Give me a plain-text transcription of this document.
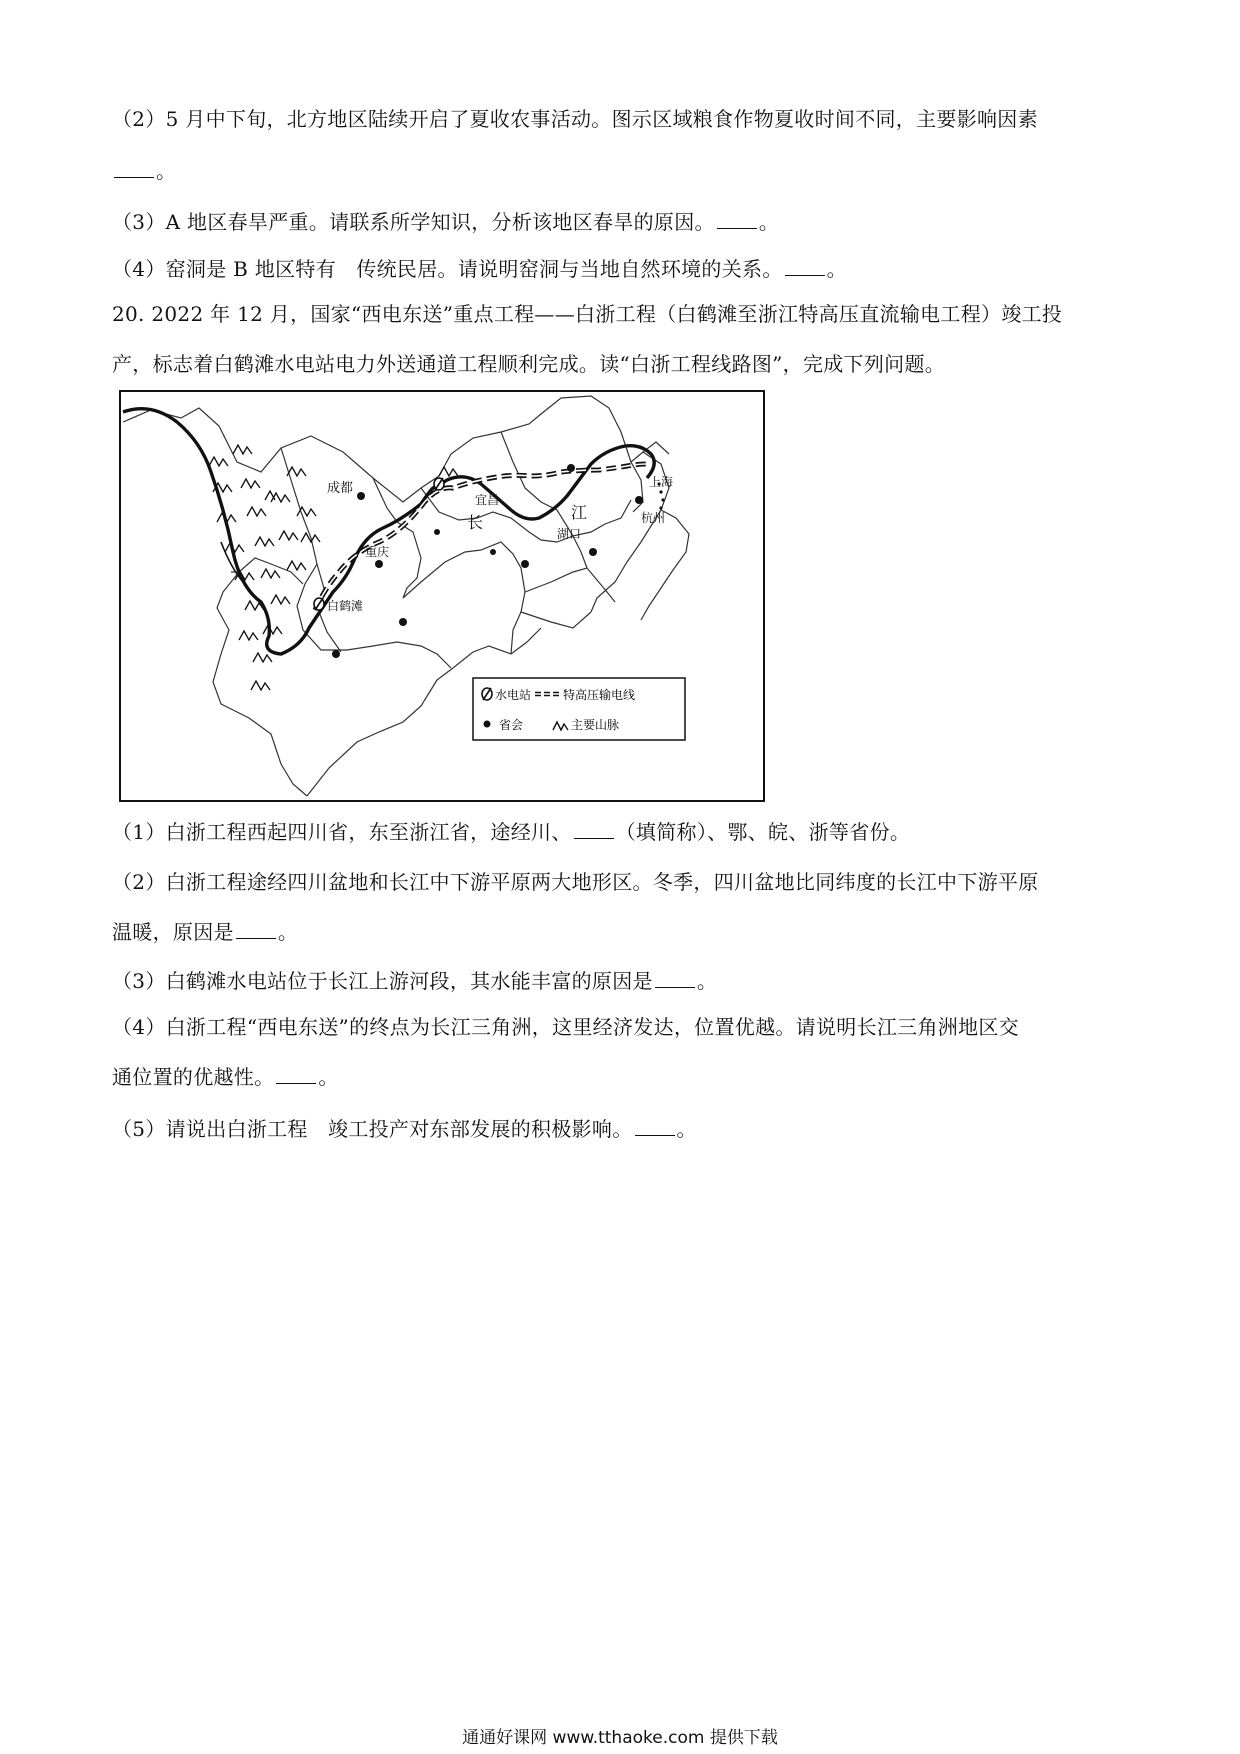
（2）5 月中下旬，北方地区陆续开启了夏收农事活动。图示区域粮食作物夏收时间不同，主要影响因素
。
（3）A 地区春旱严重。请联系所学知识，分析该地区春旱的原因。 。
（4）窑洞是 B 地区特有　传统民居。请说明窑洞与当地自然环境的关系。 。
20. 2022 年 12 月，国家“西电东送”重点工程——白浙工程（白鹤滩至浙江特高压直流输电工程）竣工投
产，标志着白鹤滩水电站电力外送通道工程顺利完成。读“白浙工程线路图”，完成下列问题。
成都
重庆
白鹤滩
宜昌
湖口
上海
杭州
长
江
水电站	特高压输电线
省会	主要山脉
（1）白浙工程西起四川省，东至浙江省，途经川、 （填简称）、鄂、皖、浙等省份。
（2）白浙工程途经四川盆地和长江中下游平原两大地形区。冬季，四川盆地比同纬度的长江中下游平原
温暖，原因是 。
（3）白鹤滩水电站位于长江上游河段，其水能丰富的原因是 。
（4）白浙工程“西电东送”的终点为长江三角洲，这里经济发达，位置优越。请说明长江三角洲地区交
通位置的优越性。 。
（5）请说出白浙工程　竣工投产对东部发展的积极影响。 。
通通好课网 www.tthaoke.com 提供下载
